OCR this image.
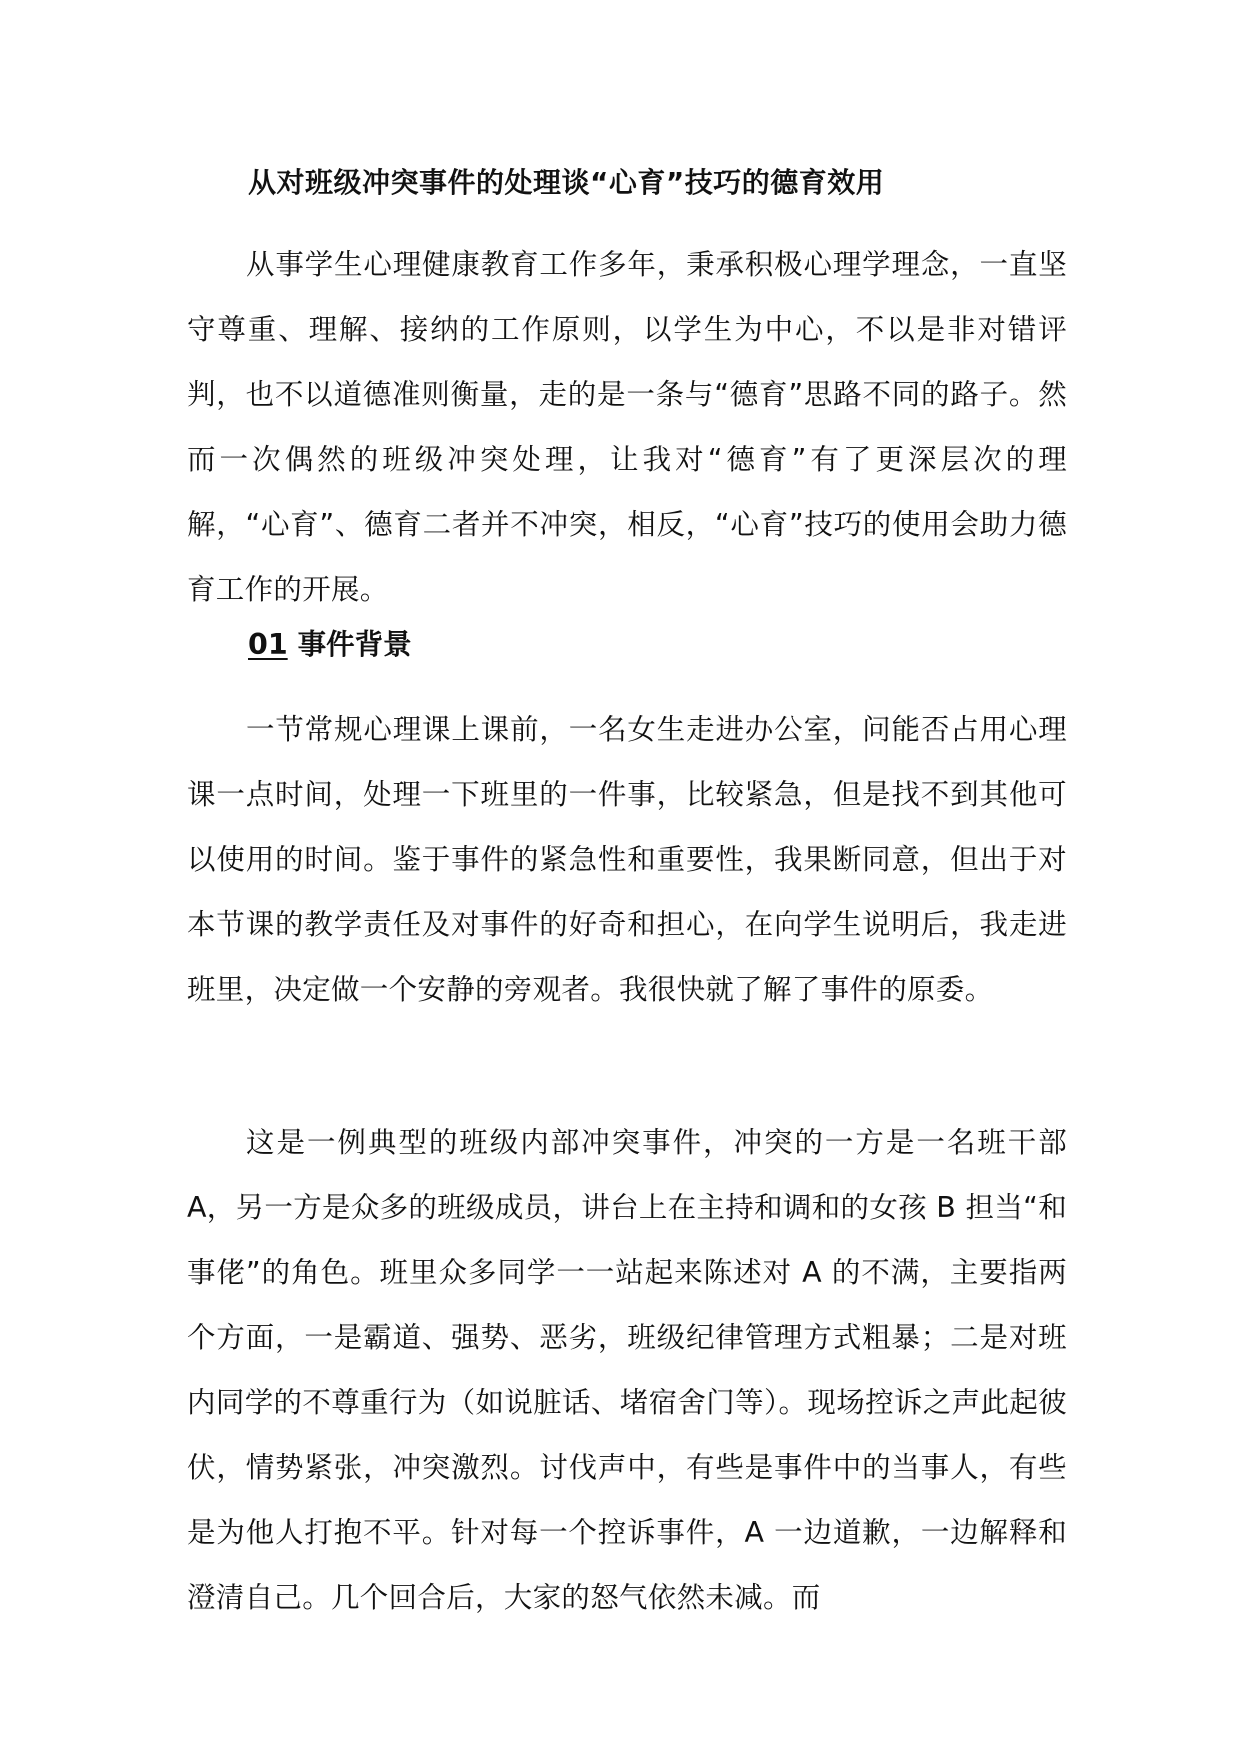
从对班级冲突事件的处理谈“心育”技巧的德育效用

从事学生心理健康教育工作多年，秉承积极心理学理念，一直坚守尊重、理解、接纳的工作原则，以学生为中心，不以是非对错评判，也不以道德准则衡量，走的是一条与“德育”思路不同的路子。然而一次偶然的班级冲突处理，让我对“德育”有了更深层次的理解，“心育”、德育二者并不冲突，相反，“心育”技巧的使用会助力德育工作的开展。

01 事件背景

一节常规心理课上课前，一名女生走进办公室，问能否占用心理课一点时间，处理一下班里的一件事，比较紧急，但是找不到其他可以使用的时间。鉴于事件的紧急性和重要性，我果断同意，但出于对本节课的教学责任及对事件的好奇和担心，在向学生说明后，我走进班里，决定做一个安静的旁观者。我很快就了解了事件的原委。

这是一例典型的班级内部冲突事件，冲突的一方是一名班干部A，另一方是众多的班级成员，讲台上在主持和调和的女孩 B 担当“和事佬”的角色。班里众多同学一一站起来陈述对 A 的不满，主要指两个方面，一是霸道、强势、恶劣，班级纪律管理方式粗暴；二是对班内同学的不尊重行为（如说脏话、堵宿舍门等）。现场控诉之声此起彼伏，情势紧张，冲突激烈。讨伐声中，有些是事件中的当事人，有些是为他人打抱不平。针对每一个控诉事件，A 一边道歉，一边解释和澄清自己。几个回合后，大家的怒气依然未减。而
